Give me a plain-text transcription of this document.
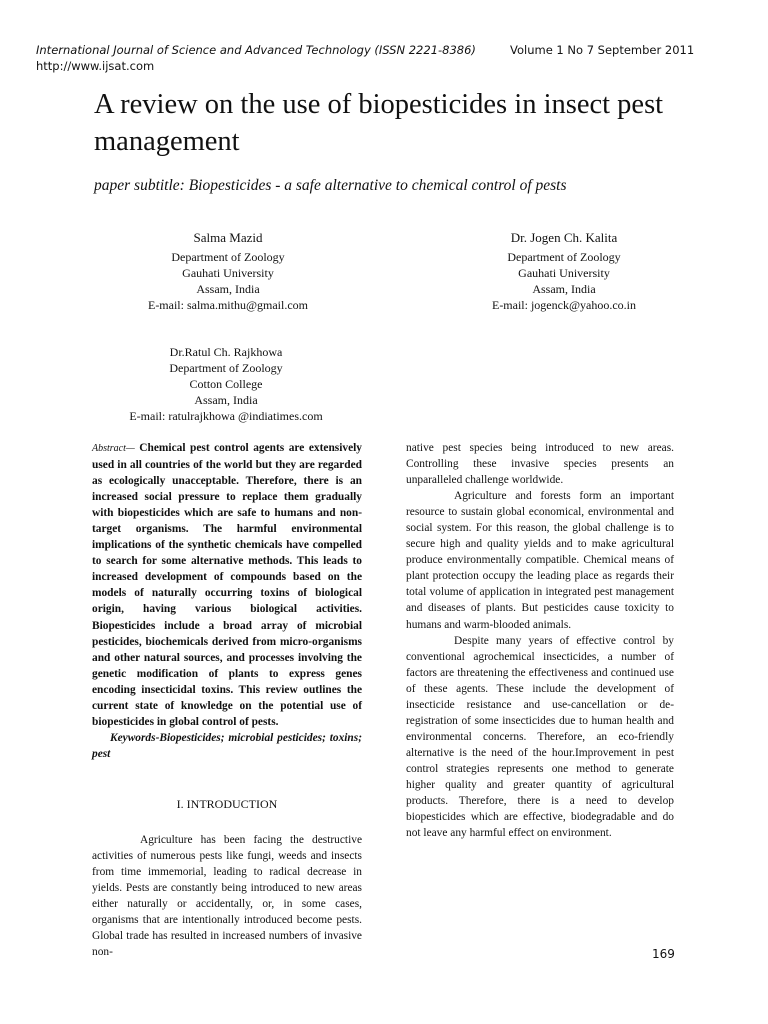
International Journal of Science and Advanced Technology (ISSN 2221-8386)	Volume 1 No 7 September 2011
http://www.ijsat.com
A review on the use of biopesticides in insect pest management
paper subtitle: Biopesticides - a safe alternative to chemical control of pests
Salma Mazid
Department of Zoology
Gauhati University
Assam, India
E-mail: salma.mithu@gmail.com
Dr. Jogen Ch. Kalita
Department of Zoology
Gauhati University
Assam, India
E-mail: jogenck@yahoo.co.in
Dr.Ratul Ch. Rajkhowa
Department of Zoology
Cotton College
Assam, India
E-mail: ratulrajkhowa @indiatimes.com

Abstract— Chemical pest control agents are extensively used in all countries of the world but they are regarded as ecologically unacceptable. Therefore, there is an increased social pressure to replace them gradually with biopesticides which are safe to humans and non-target organisms. The harmful environmental implications of the synthetic chemicals have compelled to search for some alternative methods. This leads to increased development of compounds based on the models of naturally occurring toxins of biological origin, having various biological activities. Biopesticides include a broad array of microbial pesticides, biochemicals derived from micro-organisms and other natural sources, and processes involving the genetic modification of plants to express genes encoding insecticidal toxins. This review outlines the current state of knowledge on the potential use of biopesticides in global control of pests.

Keywords-Biopesticides; microbial pesticides; toxins; pest

I. INTRODUCTION

Agriculture has been facing the destructive activities of numerous pests like fungi, weeds and insects from time immemorial, leading to radical decrease in yields. Pests are constantly being introduced to new areas either naturally or accidentally, or, in some cases, organisms that are intentionally introduced become pests. Global trade has resulted in increased numbers of invasive non-

native pest species being introduced to new areas. Controlling these invasive species presents an unparalleled challenge worldwide.

Agriculture and forests form an important resource to sustain global economical, environmental and social system. For this reason, the global challenge is to secure high and quality yields and to make agricultural produce environmentally compatible. Chemical means of plant protection occupy the leading place as regards their total volume of application in integrated pest management and diseases of plants. But pesticides cause toxicity to humans and warm-blooded animals.

Despite many years of effective control by conventional agrochemical insecticides, a number of factors are threatening the effectiveness and continued use of these agents. These include the development of insecticide resistance and use-cancellation or de-registration of some insecticides due to human health and environmental concerns. Therefore, an eco-friendly alternative is the need of the hour.Improvement in pest control strategies represents one method to generate higher quality and greater quantity of agricultural products. Therefore, there is a need to develop biopesticides which are effective, biodegradable and do not leave any harmful effect on environment.

169
